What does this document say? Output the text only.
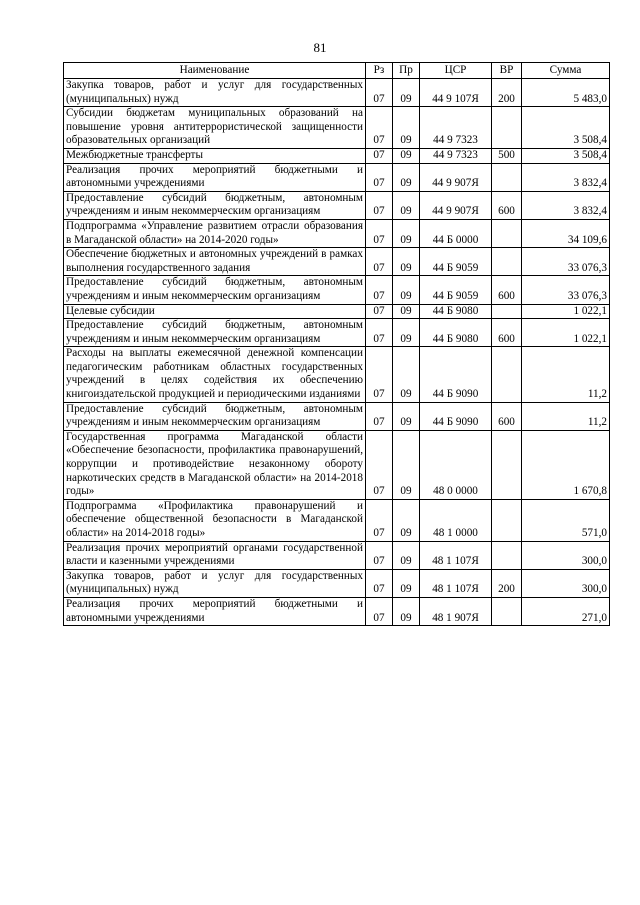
81
Наименование	Рз	Пр	ЦСР	ВР	Сумма
Закупка товаров, работ и услуг для государственных (муниципальных) нужд	07	09	44 9 107Я	200	5 483,0
Субсидии бюджетам муниципальных образований на повышение уровня антитеррористической защищенности образовательных организаций	07	09	44 9 7323		3 508,4
Межбюджетные трансферты	07	09	44 9 7323	500	3 508,4
Реализация прочих мероприятий бюджетными и автономными учреждениями	07	09	44 9 907Я		3 832,4
Предоставление субсидий бюджетным, автономным учреждениям и иным некоммерческим организациям	07	09	44 9 907Я	600	3 832,4
Подпрограмма «Управление развитием отрасли образования в Магаданской области» на 2014-2020 годы»	07	09	44 Б 0000		34 109,6
Обеспечение бюджетных и автономных учреждений в рамках выполнения государственного задания	07	09	44 Б 9059		33 076,3
Предоставление субсидий бюджетным, автономным учреждениям и иным некоммерческим организациям	07	09	44 Б 9059	600	33 076,3
Целевые субсидии	07	09	44 Б 9080		1 022,1
Предоставление субсидий бюджетным, автономным учреждениям и иным некоммерческим организациям	07	09	44 Б 9080	600	1 022,1
Расходы на выплаты ежемесячной денежной компенсации педагогическим работникам областных государственных учреждений в целях содействия их обеспечению книгоиздательской продукцией и периодическими изданиями	07	09	44 Б 9090		11,2
Предоставление субсидий бюджетным, автономным учреждениям и иным некоммерческим организациям	07	09	44 Б 9090	600	11,2
Государственная программа Магаданской области «Обеспечение безопасности, профилактика правонарушений, коррупции и противодействие незаконному обороту наркотических средств в Магаданской области» на 2014-2018 годы»	07	09	48 0 0000		1 670,8
Подпрограмма «Профилактика правонарушений и обеспечение общественной безопасности в Магаданской области» на 2014-2018 годы»	07	09	48 1 0000		571,0
Реализация прочих мероприятий органами государственной власти и казенными учреждениями	07	09	48 1 107Я		300,0
Закупка товаров, работ и услуг для государственных (муниципальных) нужд	07	09	48 1 107Я	200	300,0
Реализация прочих мероприятий бюджетными и автономными учреждениями	07	09	48 1 907Я		271,0
